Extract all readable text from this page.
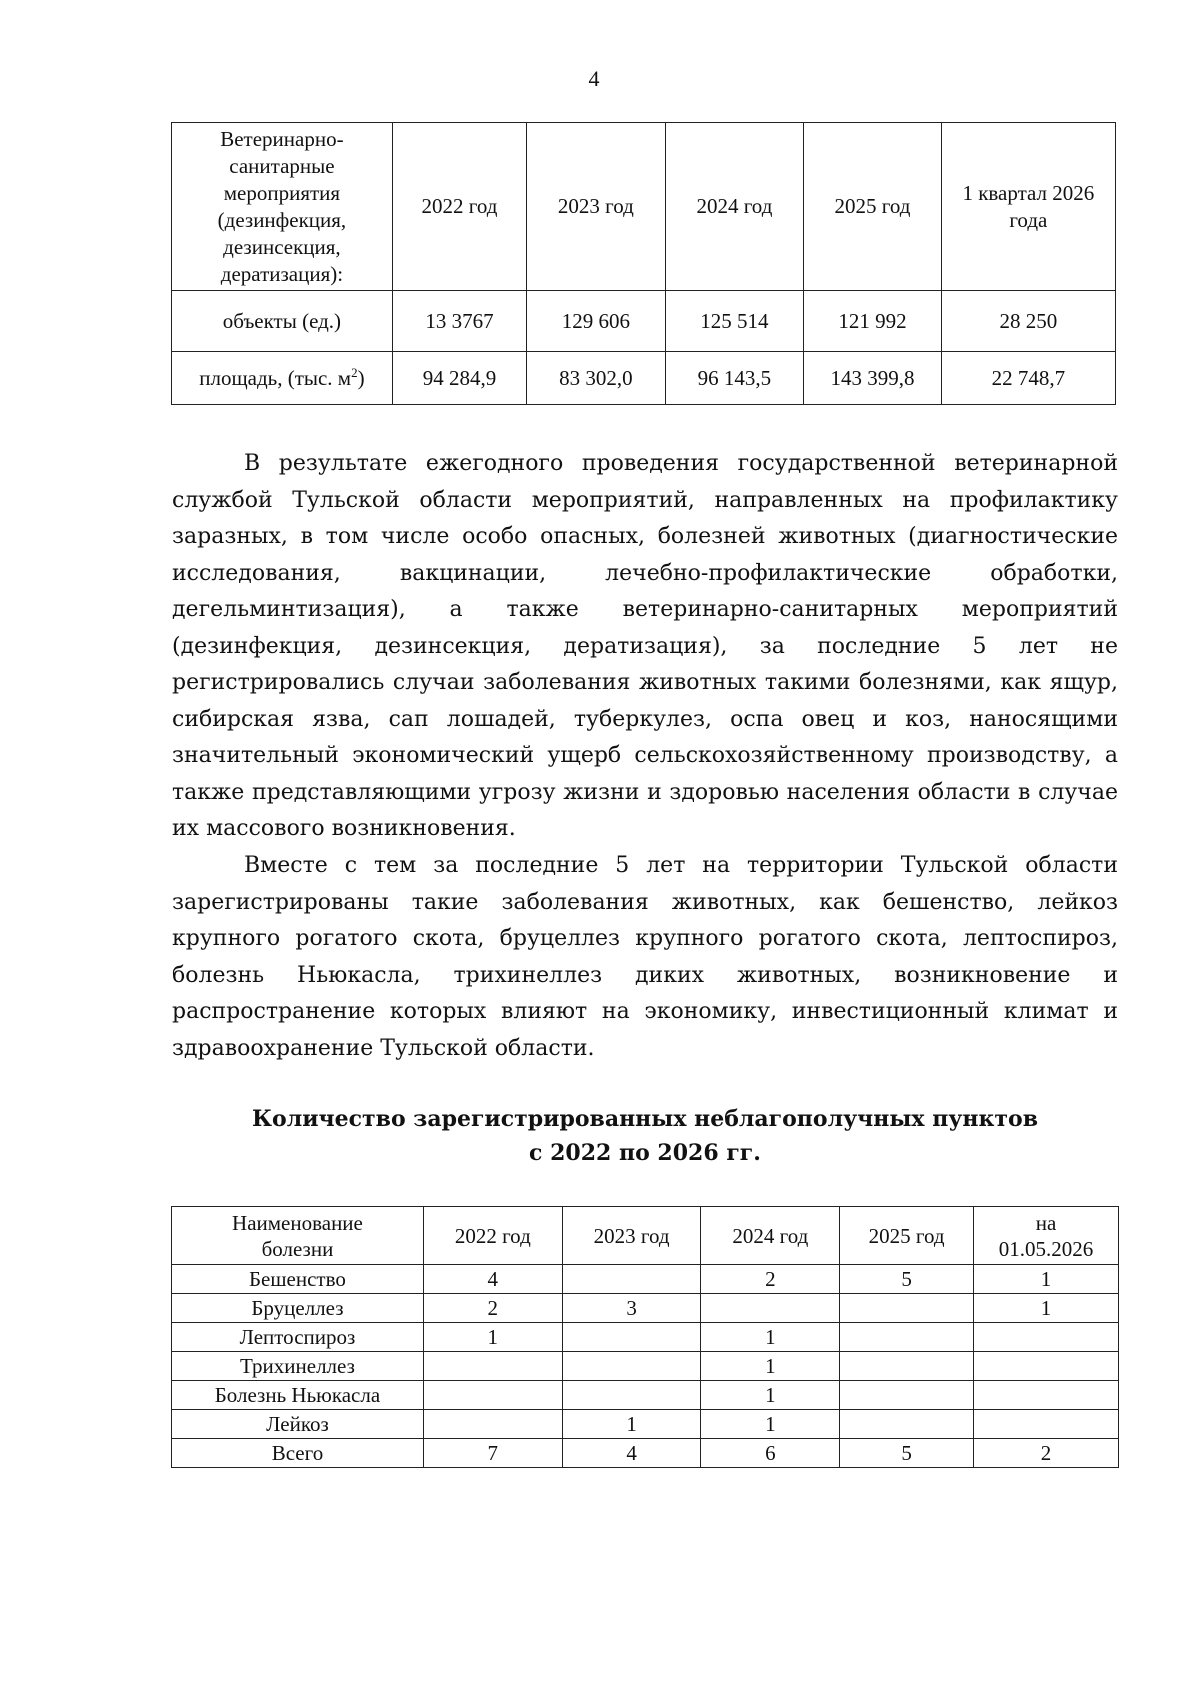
4
Ветеринарно-санитарные мероприятия (дезинфекция, дезинсекция, дератизация):	2022 год	2023 год	2024 год	2025 год	1 квартал 2026 года
объекты (ед.)	13 3767	129 606	125 514	121 992	28 250
площадь, (тыс. $м^2$)	94 284,9	83 302,0	96 143,5	143 399,8	22 748,7

В результате ежегодного проведения государственной ветеринарной службой Тульской области мероприятий, направленных на профилактику заразных, в том числе особо опасных, болезней животных (диагностические исследования, вакцинации, лечебно-профилактические обработки, дегельминтизация), а также ветеринарно-санитарных мероприятий (дезинфекция, дезинсекция, дератизация), за последние 5 лет не регистрировались случаи заболевания животных такими болезнями, как ящур, сибирская язва, сап лошадей, туберкулез, оспа овец и коз, наносящими значительный экономический ущерб сельскохозяйственному производству, а также представляющими угрозу жизни и здоровью населения области в случае их массового возникновения.

Вместе с тем за последние 5 лет на территории Тульской области зарегистрированы такие заболевания животных, как бешенство, лейкоз крупного рогатого скота, бруцеллез крупного рогатого скота, лептоспироз, болезнь Ньюкасла, трихинеллез диких животных, возникновение и распространение которых влияют на экономику, инвестиционный климат и здравоохранение Тульской области.

Количество зарегистрированных неблагополучных пунктов
с 2022 по 2026 гг.
Наименование болезни	2022 год	2023 год	2024 год	2025 год	на 01.05.2026
Бешенство	4		2	5	1
Бруцеллез	2	3			1
Лептоспироз	1		1		
Трихинеллез			1		
Болезнь Ньюкасла			1		
Лейкоз		1	1		
Всего	7	4	6	5	2
